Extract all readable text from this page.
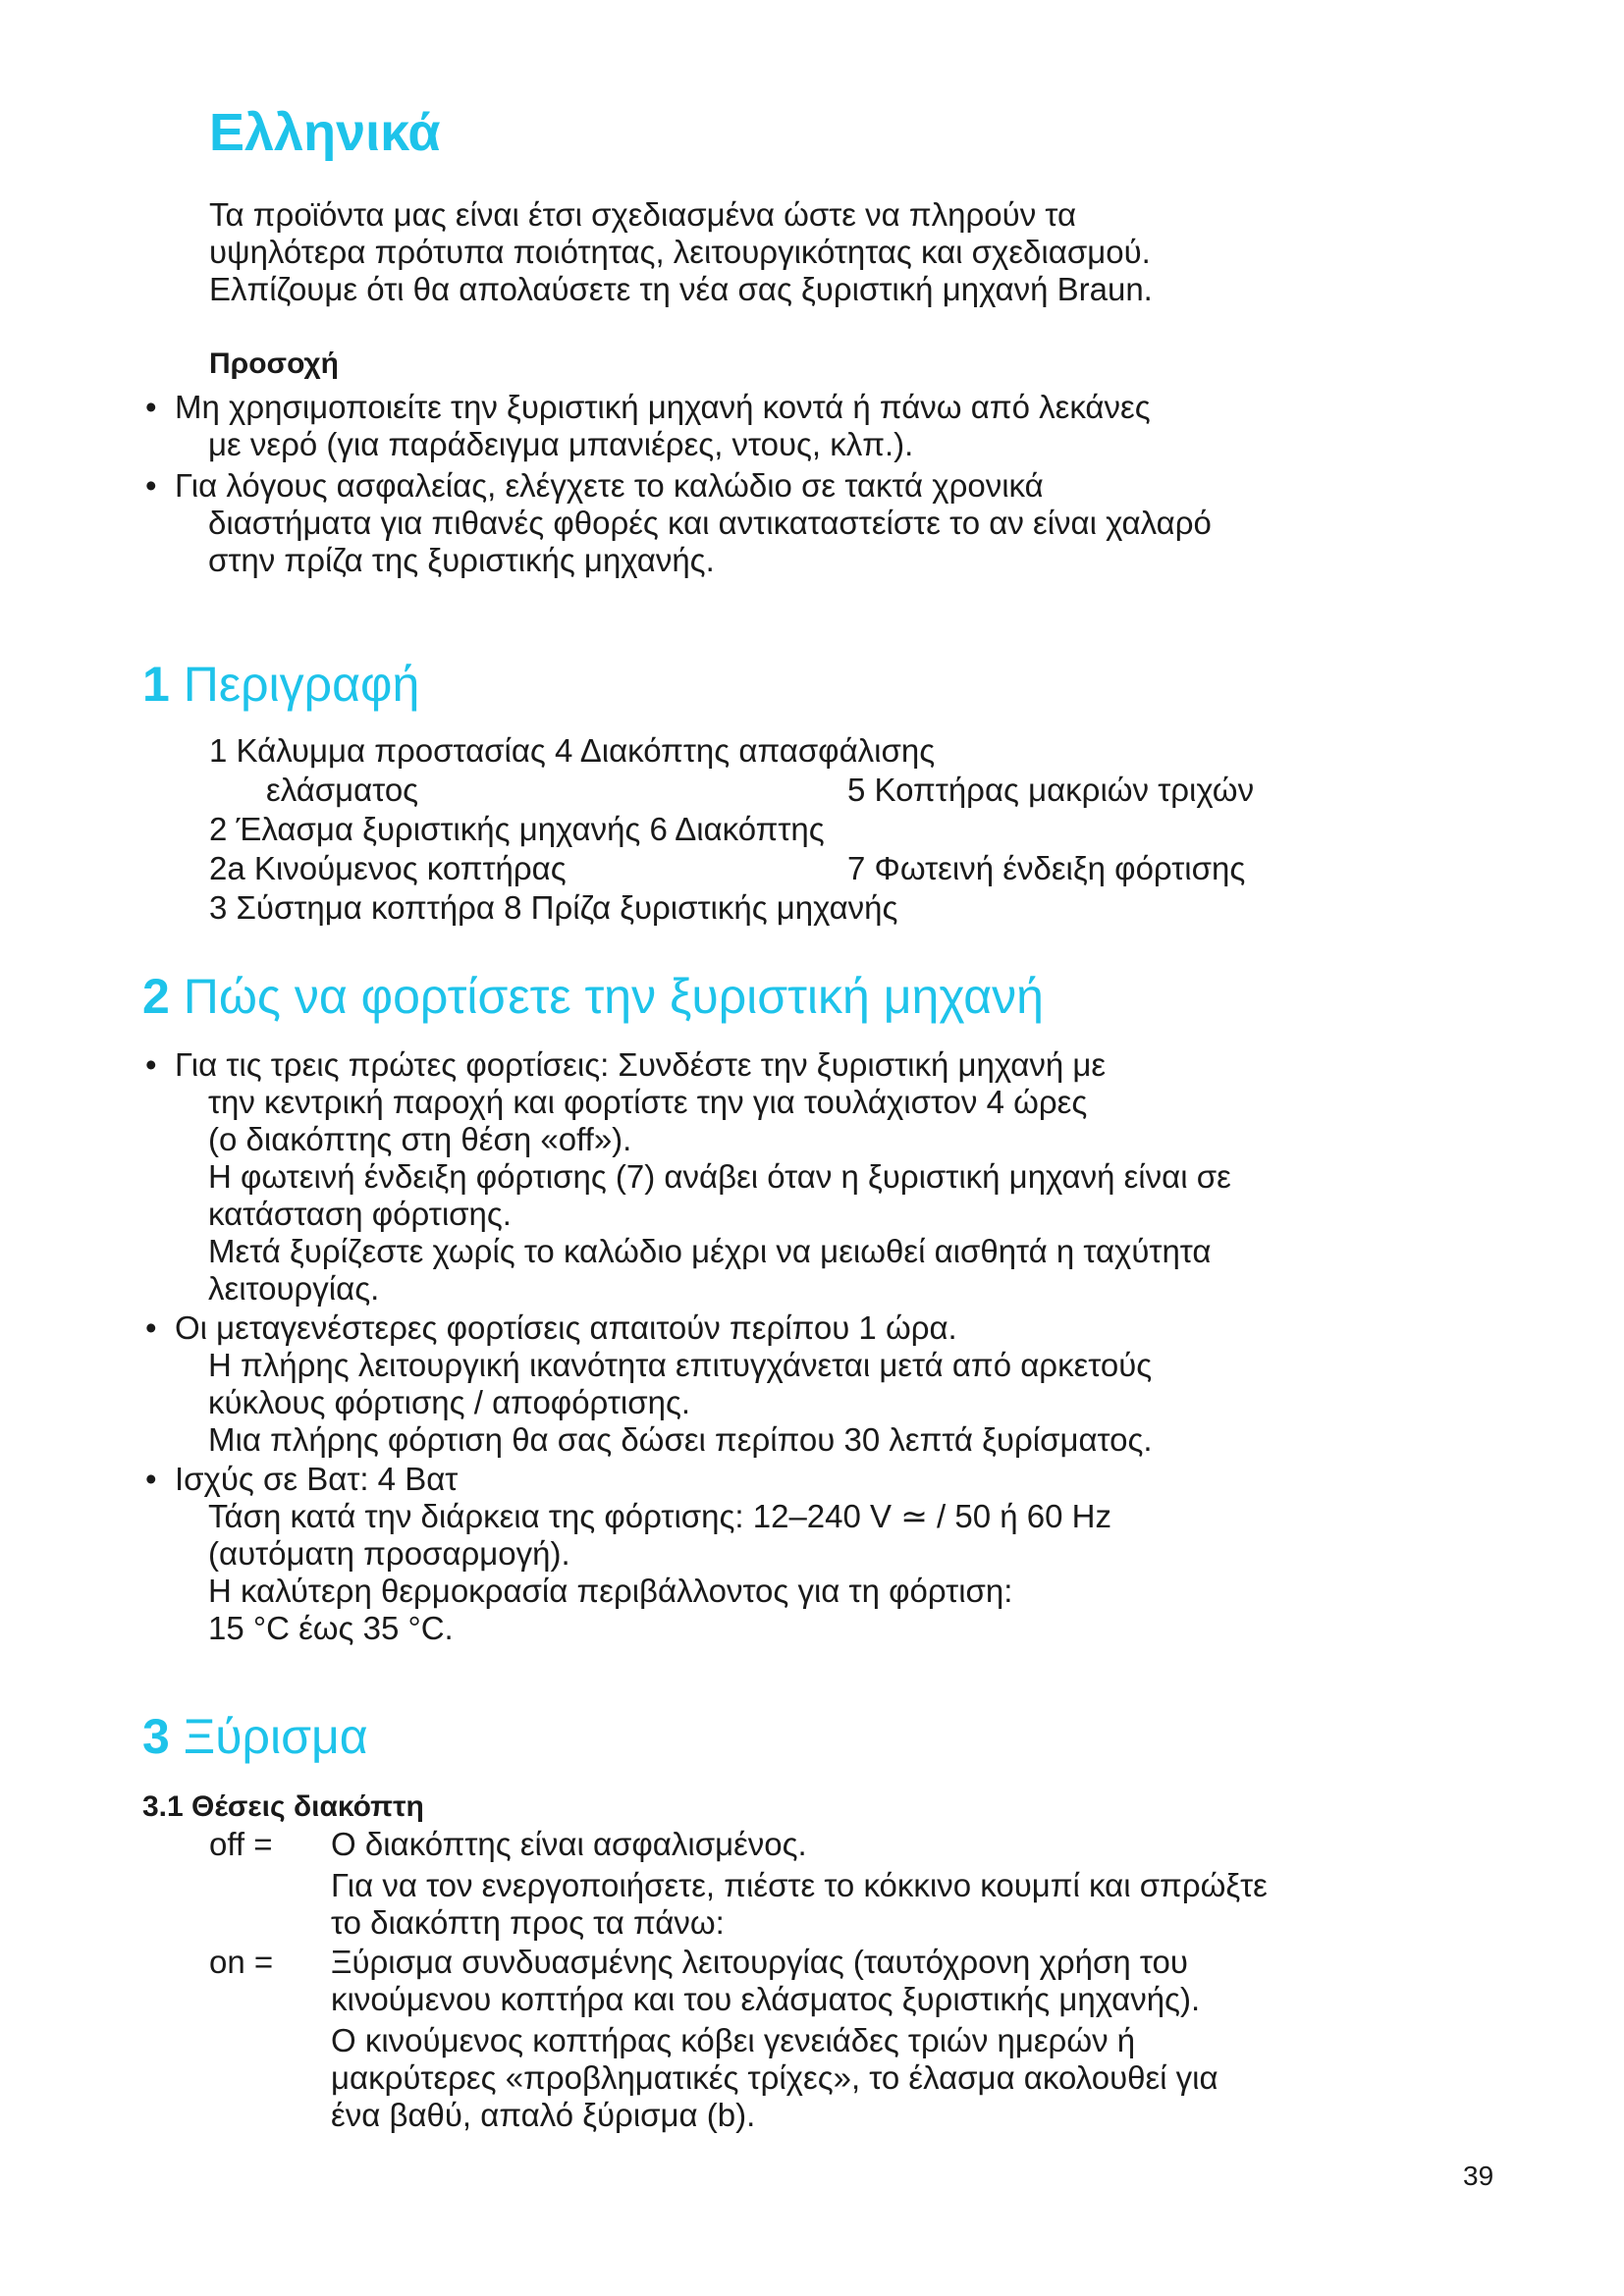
Ελληνικά

Τα προϊόντα μας είναι έτσι σχεδιασμένα ώστε να πληρούν τα
υψηλότερα πρότυπα ποιότητας, λειτουργικότητας και σχεδιασμού.
Ελπίζουμε ότι θα απολαύσετε τη νέα σας ξυριστική μηχανή Braun.

Προσοχή
• Μη χρησιμοποιείτε την ξυριστική μηχανή κοντά ή πάνω από λεκάνες
με νερό (για παράδειγμα μπανιέρες, ντους, κλπ.).
• Για λόγους ασφαλείας, ελέγχετε το καλώδιο σε τακτά χρονικά
διαστήματα για πιθανές φθορές και αντικαταστείστε το αν είναι χαλαρό
στην πρίζα της ξυριστικής μηχανής.
1 Περιγραφή
1 Κάλυμμα προστασίας 4 Διακόπτης απασφάλισης
ελάσματος	5 Κοπτήρας μακριών τριχών
2 Έλασμα ξυριστικής μηχανής 6 Διακόπτης
2a Κινούμενος κοπτήρας	7 Φωτεινή ένδειξη φόρτισης
3 Σύστημα κοπτήρα 8 Πρίζα ξυριστικής μηχανής
2 Πώς να φορτίσετε την ξυριστική μηχανή
• Για τις τρεις πρώτες φορτίσεις: Συνδέστε την ξυριστική μηχανή με
την κεντρική παροχή και φορτίστε την για τουλάχιστον 4 ώρες
(ο διακόπτης στη θέση «off»).
Η φωτεινή ένδειξη φόρτισης (7) ανάβει όταν η ξυριστική μηχανή είναι σε
κατάσταση φόρτισης.
Μετά ξυρίζεστε χωρίς το καλώδιο μέχρι να μειωθεί αισθητά η ταχύτητα
λειτουργίας.
• Οι μεταγενέστερες φορτίσεις απαιτούν περίπου 1 ώρα.
Η πλήρης λειτουργική ικανότητα επιτυγχάνεται μετά από αρκετούς
κύκλους φόρτισης / αποφόρτισης.
Μια πλήρης φόρτιση θα σας δώσει περίπου 30 λεπτά ξυρίσματος.
• Ισχύς σε Βατ: 4 Βατ
Τάση κατά την διάρκεια της φόρτισης: 12–240 V ≃ / 50 ή 60 Hz
(αυτόματη προσαρμογή).
Η καλύτερη θερμοκρασία περιβάλλοντος για τη φόρτιση:
15 °C έως 35 °C.
3 Ξύρισμα
3.1 Θέσεις διακόπτη
off =	Ο διακόπτης είναι ασφαλισμένος.
Για να τον ενεργοποιήσετε, πιέστε το κόκκινο κουμπί και σπρώξτε
το διακόπτη προς τα πάνω:
on =	Ξύρισμα συνδυασμένης λειτουργίας (ταυτόχρονη χρήση του
κινούμενου κοπτήρα και του ελάσματος ξυριστικής μηχανής).
Ο κινούμενος κοπτήρας κόβει γενειάδες τριών ημερών ή
μακρύτερες «προβληματικές τρίχες», το έλασμα ακολουθεί για
ένα βαθύ, απαλό ξύρισμα (b).

39
